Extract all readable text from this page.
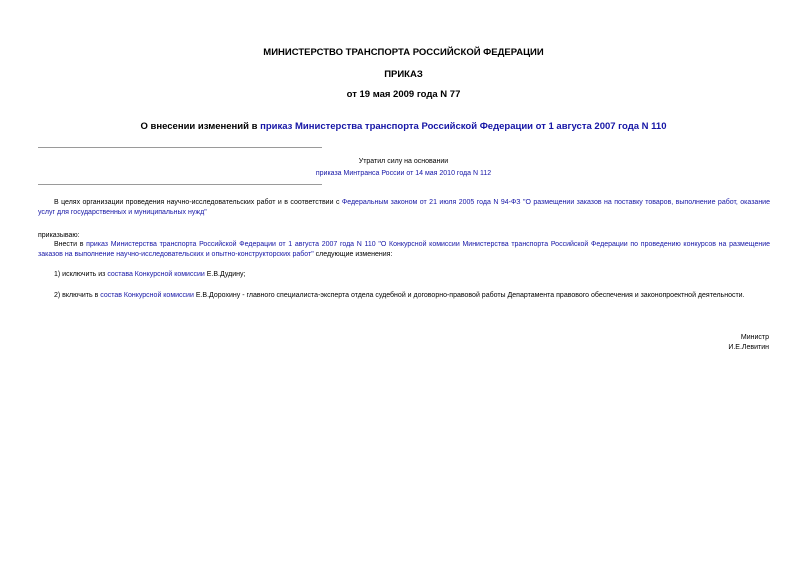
МИНИСТЕРСТВО ТРАНСПОРТА РОССИЙСКОЙ ФЕДЕРАЦИИ
ПРИКАЗ
от 19 мая 2009 года N 77
О внесении изменений в приказ Министерства транспорта Российской Федерации от 1 августа 2007 года N 110
Утратил силу на основании
приказа Минтранса России от 14 мая 2010 года N 112
В целях организации проведения научно-исследовательских работ и в соответствии с Федеральным законом от 21 июля 2005 года N 94-ФЗ "О размещении заказов на поставку товаров, выполнение работ, оказание услуг для государственных и муниципальных нужд"
приказываю:
Внести в приказ Министерства транспорта Российской Федерации от 1 августа 2007 года N 110 "О Конкурсной комиссии Министерства транспорта Российской Федерации по проведению конкурсов на размещение заказов на выполнение научно-исследовательских и опытно-конструкторских работ" следующие изменения:
1) исключить из состава Конкурсной комиссии Е.В.Дудину;
2) включить в состав Конкурсной комиссии Е.В.Дорохину - главного специалиста-эксперта отдела судебной и договорно-правовой работы Департамента правового обеспечения и законопроектной деятельности.
Министр
И.Е.Левитин
